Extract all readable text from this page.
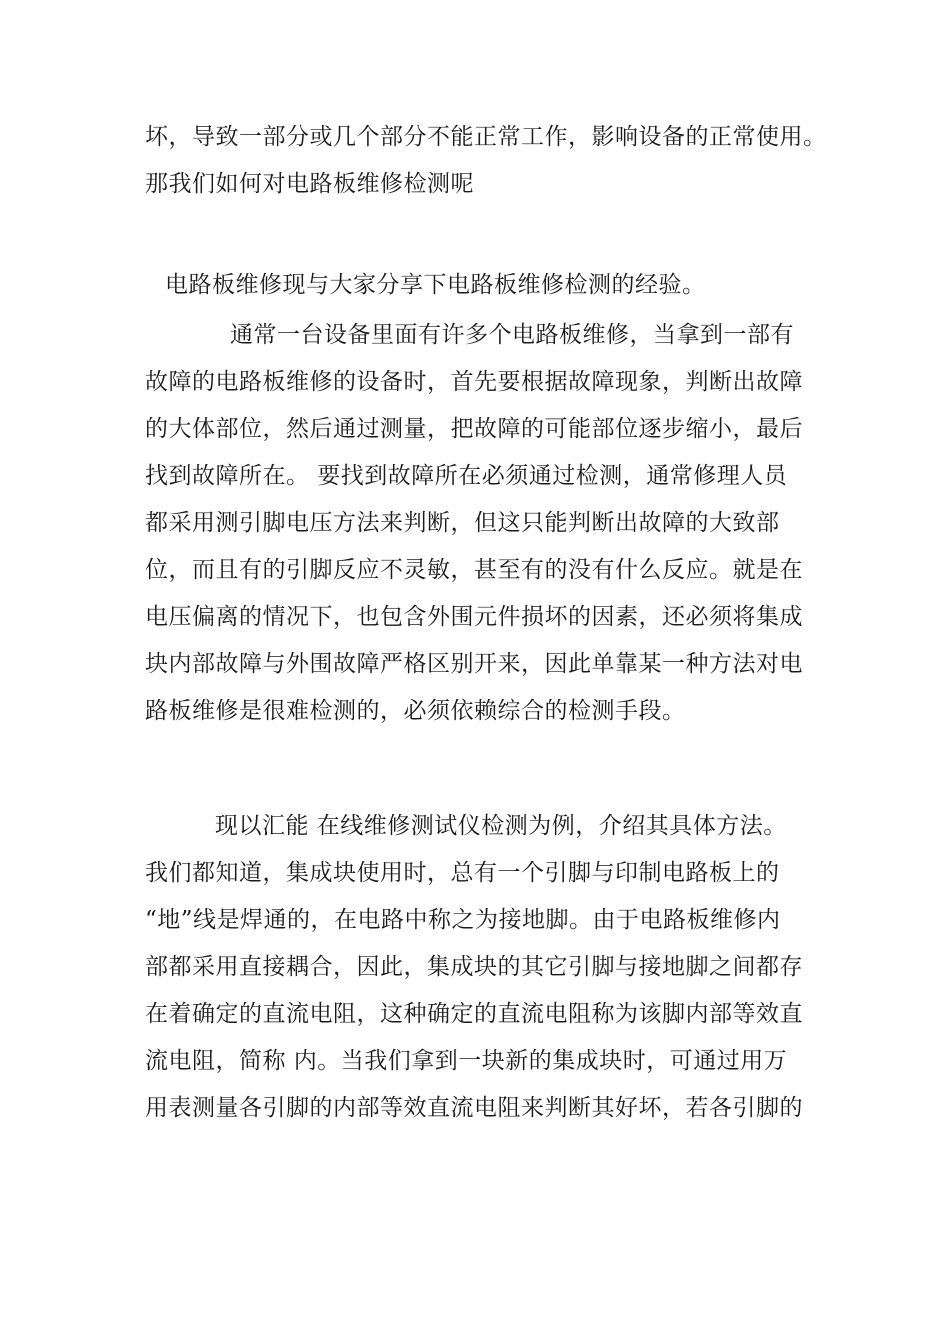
坏，导致一部分或几个部分不能正常工作，影响设备的正常使用。
那我们如何对电路板维修检测呢
电路板维修现与大家分享下电路板维修检测的经验。
通常一台设备里面有许多个电路板维修，当拿到一部有
故障的电路板维修的设备时，首先要根据故障现象，判断出故障
的大体部位，然后通过测量，把故障的可能部位逐步缩小，最后
找到故障所在。 要找到故障所在必须通过检测，通常修理人员
都采用测引脚电压方法来判断，但这只能判断出故障的大致部
位，而且有的引脚反应不灵敏，甚至有的没有什么反应。就是在
电压偏离的情况下，也包含外围元件损坏的因素，还必须将集成
块内部故障与外围故障严格区别开来，因此单靠某一种方法对电
路板维修是很难检测的，必须依赖综合的检测手段。
现以汇能 在线维修测试仪检测为例，介绍其具体方法。
我们都知道，集成块使用时，总有一个引脚与印制电路板上的
“地”线是焊通的，在电路中称之为接地脚。由于电路板维修内
部都采用直接耦合，因此，集成块的其它引脚与接地脚之间都存
在着确定的直流电阻，这种确定的直流电阻称为该脚内部等效直
流电阻，简称 内。当我们拿到一块新的集成块时，可通过用万
用表测量各引脚的内部等效直流电阻来判断其好坏，若各引脚的
